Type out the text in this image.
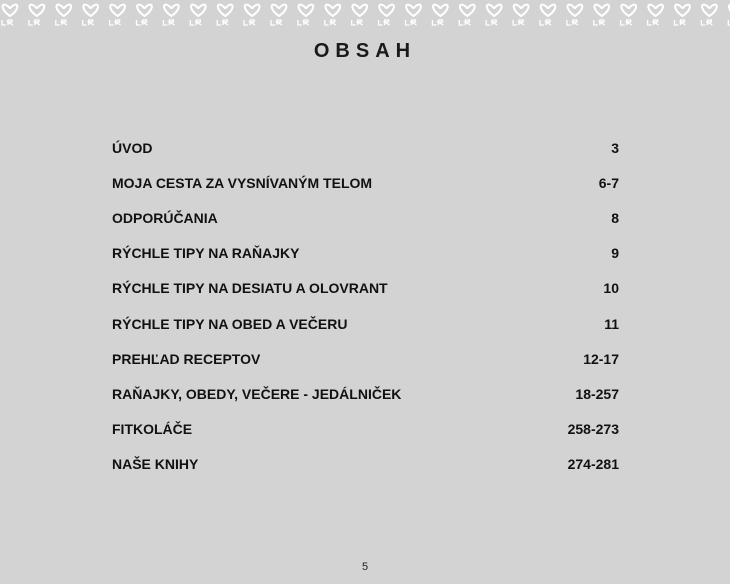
OBSAH
ÚVOD	3
MOJA CESTA ZA VYSNÍVANÝM TELOM	6-7
ODPORÚČANIA	8
RÝCHLE TIPY NA RAŇAJKY	9
RÝCHLE TIPY NA DESIATU A OLOVRANT	10
RÝCHLE TIPY NA OBED A VEČERU	11
PREHĽAD RECEPTOV	12-17
RAŇAJKY, OBEDY, VEČERE - JEDÁLNIČEK	18-257
FITKOLÁČE	258-273
NAŠE KNIHY	274-281
5
